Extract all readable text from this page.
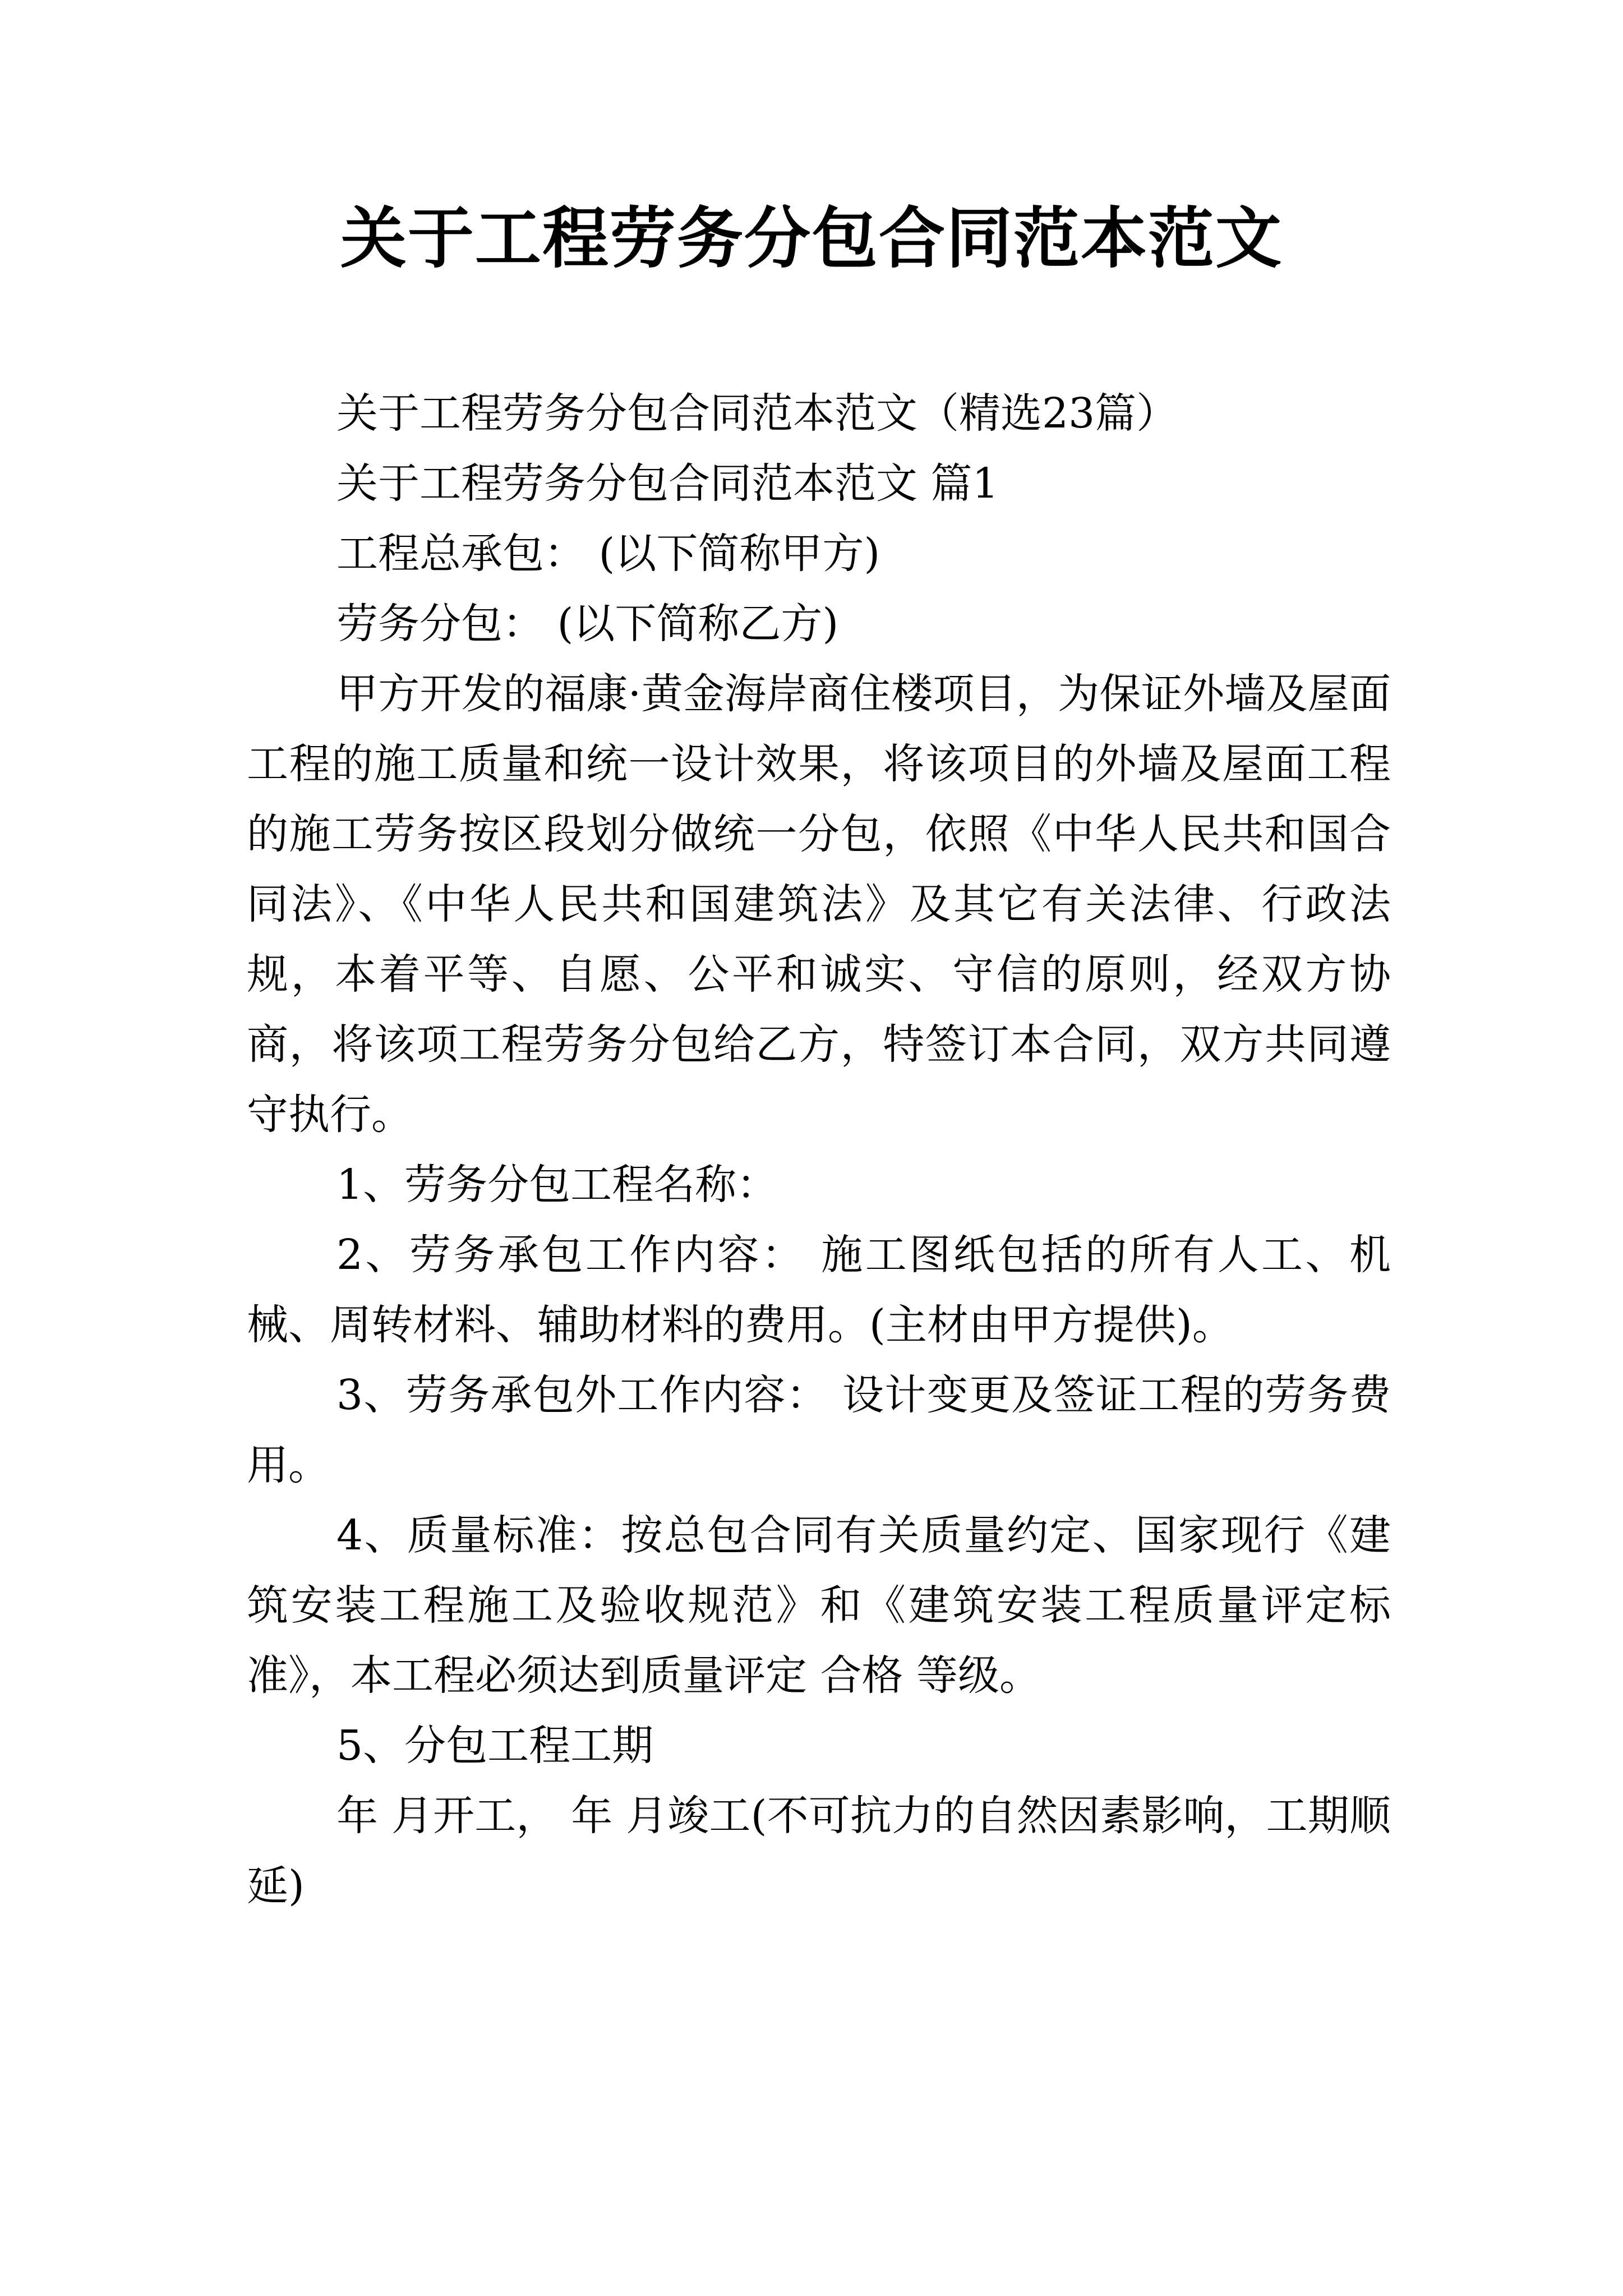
关于工程劳务分包合同范本范文

关于工程劳务分包合同范本范文（精选23篇）

关于工程劳务分包合同范本范文 篇1

工程总承包： (以下简称甲方)

劳务分包： (以下简称乙方)

甲方开发的福康·黄金海岸商住楼项目，为保证外墙及屋面工程的施工质量和统一设计效果，将该项目的外墙及屋面工程的施工劳务按区段划分做统一分包，依照《中华人民共和国合同法》、《中华人民共和国建筑法》及其它有关法律、行政法规，本着平等、自愿、公平和诚实、守信的原则，经双方协商，将该项工程劳务分包给乙方，特签订本合同，双方共同遵守执行。

1、劳务分包工程名称：

2、劳务承包工作内容： 施工图纸包括的所有人工、机械、周转材料、辅助材料的费用。(主材由甲方提供)。

3、劳务承包外工作内容： 设计变更及签证工程的劳务费用。

4、质量标准：按总包合同有关质量约定、国家现行《建筑安装工程施工及验收规范》和《建筑安装工程质量评定标准》，本工程必须达到质量评定 合格 等级。

5、分包工程工期

年 月开工， 年 月竣工(不可抗力的自然因素影响，工期顺延)
